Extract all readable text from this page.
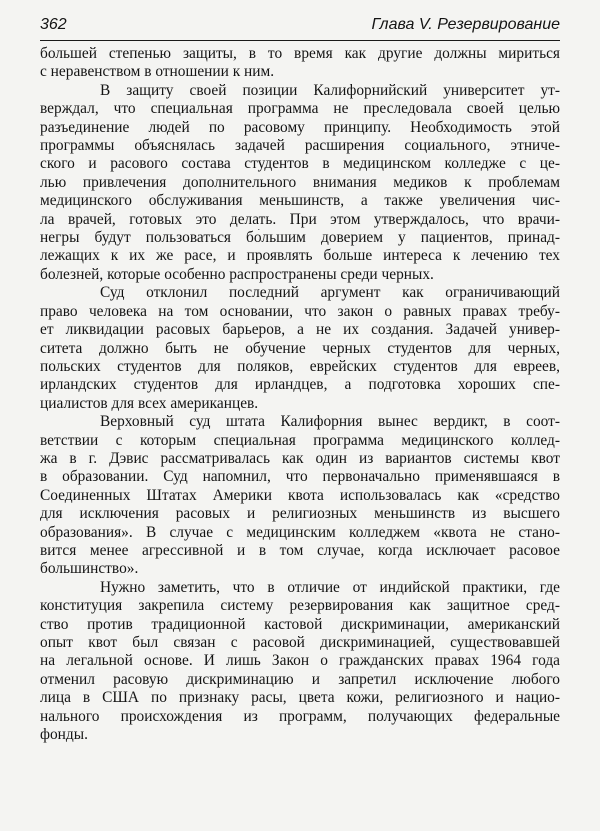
362	Глава V. Резервирование
большей степенью защиты, в то время как другие должны мириться
с неравенством в отношении к ним.
В защиту своей позиции Калифорнийский университет ут-
верждал, что специальная программа не преследовала своей целью
разъединение людей по расовому принципу. Необходимость этой
программы объяснялась задачей расширения социального, этниче-
ского и расового состава студентов в медицинском колледже с це-
лью привлечения дополнительного внимания медиков к проблемам
медицинского обслуживания меньшинств, а также увеличения чис-
ла врачей, готовых это делать. При этом утверждалось, что врачи-
негры будут пользоваться бо́льшим доверием у пациентов, принад-
лежащих к их же расе, и проявлять больше интереса к лечению тех
болезней, которые особенно распространены среди черных.
Суд отклонил последний аргумент как ограничивающий
право человека на том основании, что закон о равных правах требу-
ет ликвидации расовых барьеров, а не их создания. Задачей универ-
ситета должно быть не обучение черных студентов для черных,
польских студентов для поляков, еврейских студентов для евреев,
ирландских студентов для ирландцев, а подготовка хороших спе-
циалистов для всех американцев.
Верховный суд штата Калифорния вынес вердикт, в соот-
ветствии с которым специальная программа медицинского коллед-
жа в г. Дэвис рассматривалась как один из вариантов системы квот
в образовании. Суд напомнил, что первоначально применявшаяся в
Соединенных Штатах Америки квота использовалась как «средство
для исключения расовых и религиозных меньшинств из высшего
образования». В случае с медицинским колледжем «квота не стано-
вится менее агрессивной и в том случае, когда исключает расовое
большинство».
Нужно заметить, что в отличие от индийской практики, где
конституция закрепила систему резервирования как защитное сред-
ство против традиционной кастовой дискриминации, американский
опыт квот был связан с расовой дискриминацией, существовавшей
на легальной основе. И лишь Закон о гражданских правах 1964 года
отменил расовую дискриминацию и запретил исключение любого
лица в США по признаку расы, цвета кожи, религиозного и нацио-
нального происхождения из программ, получающих федеральные
фонды.
